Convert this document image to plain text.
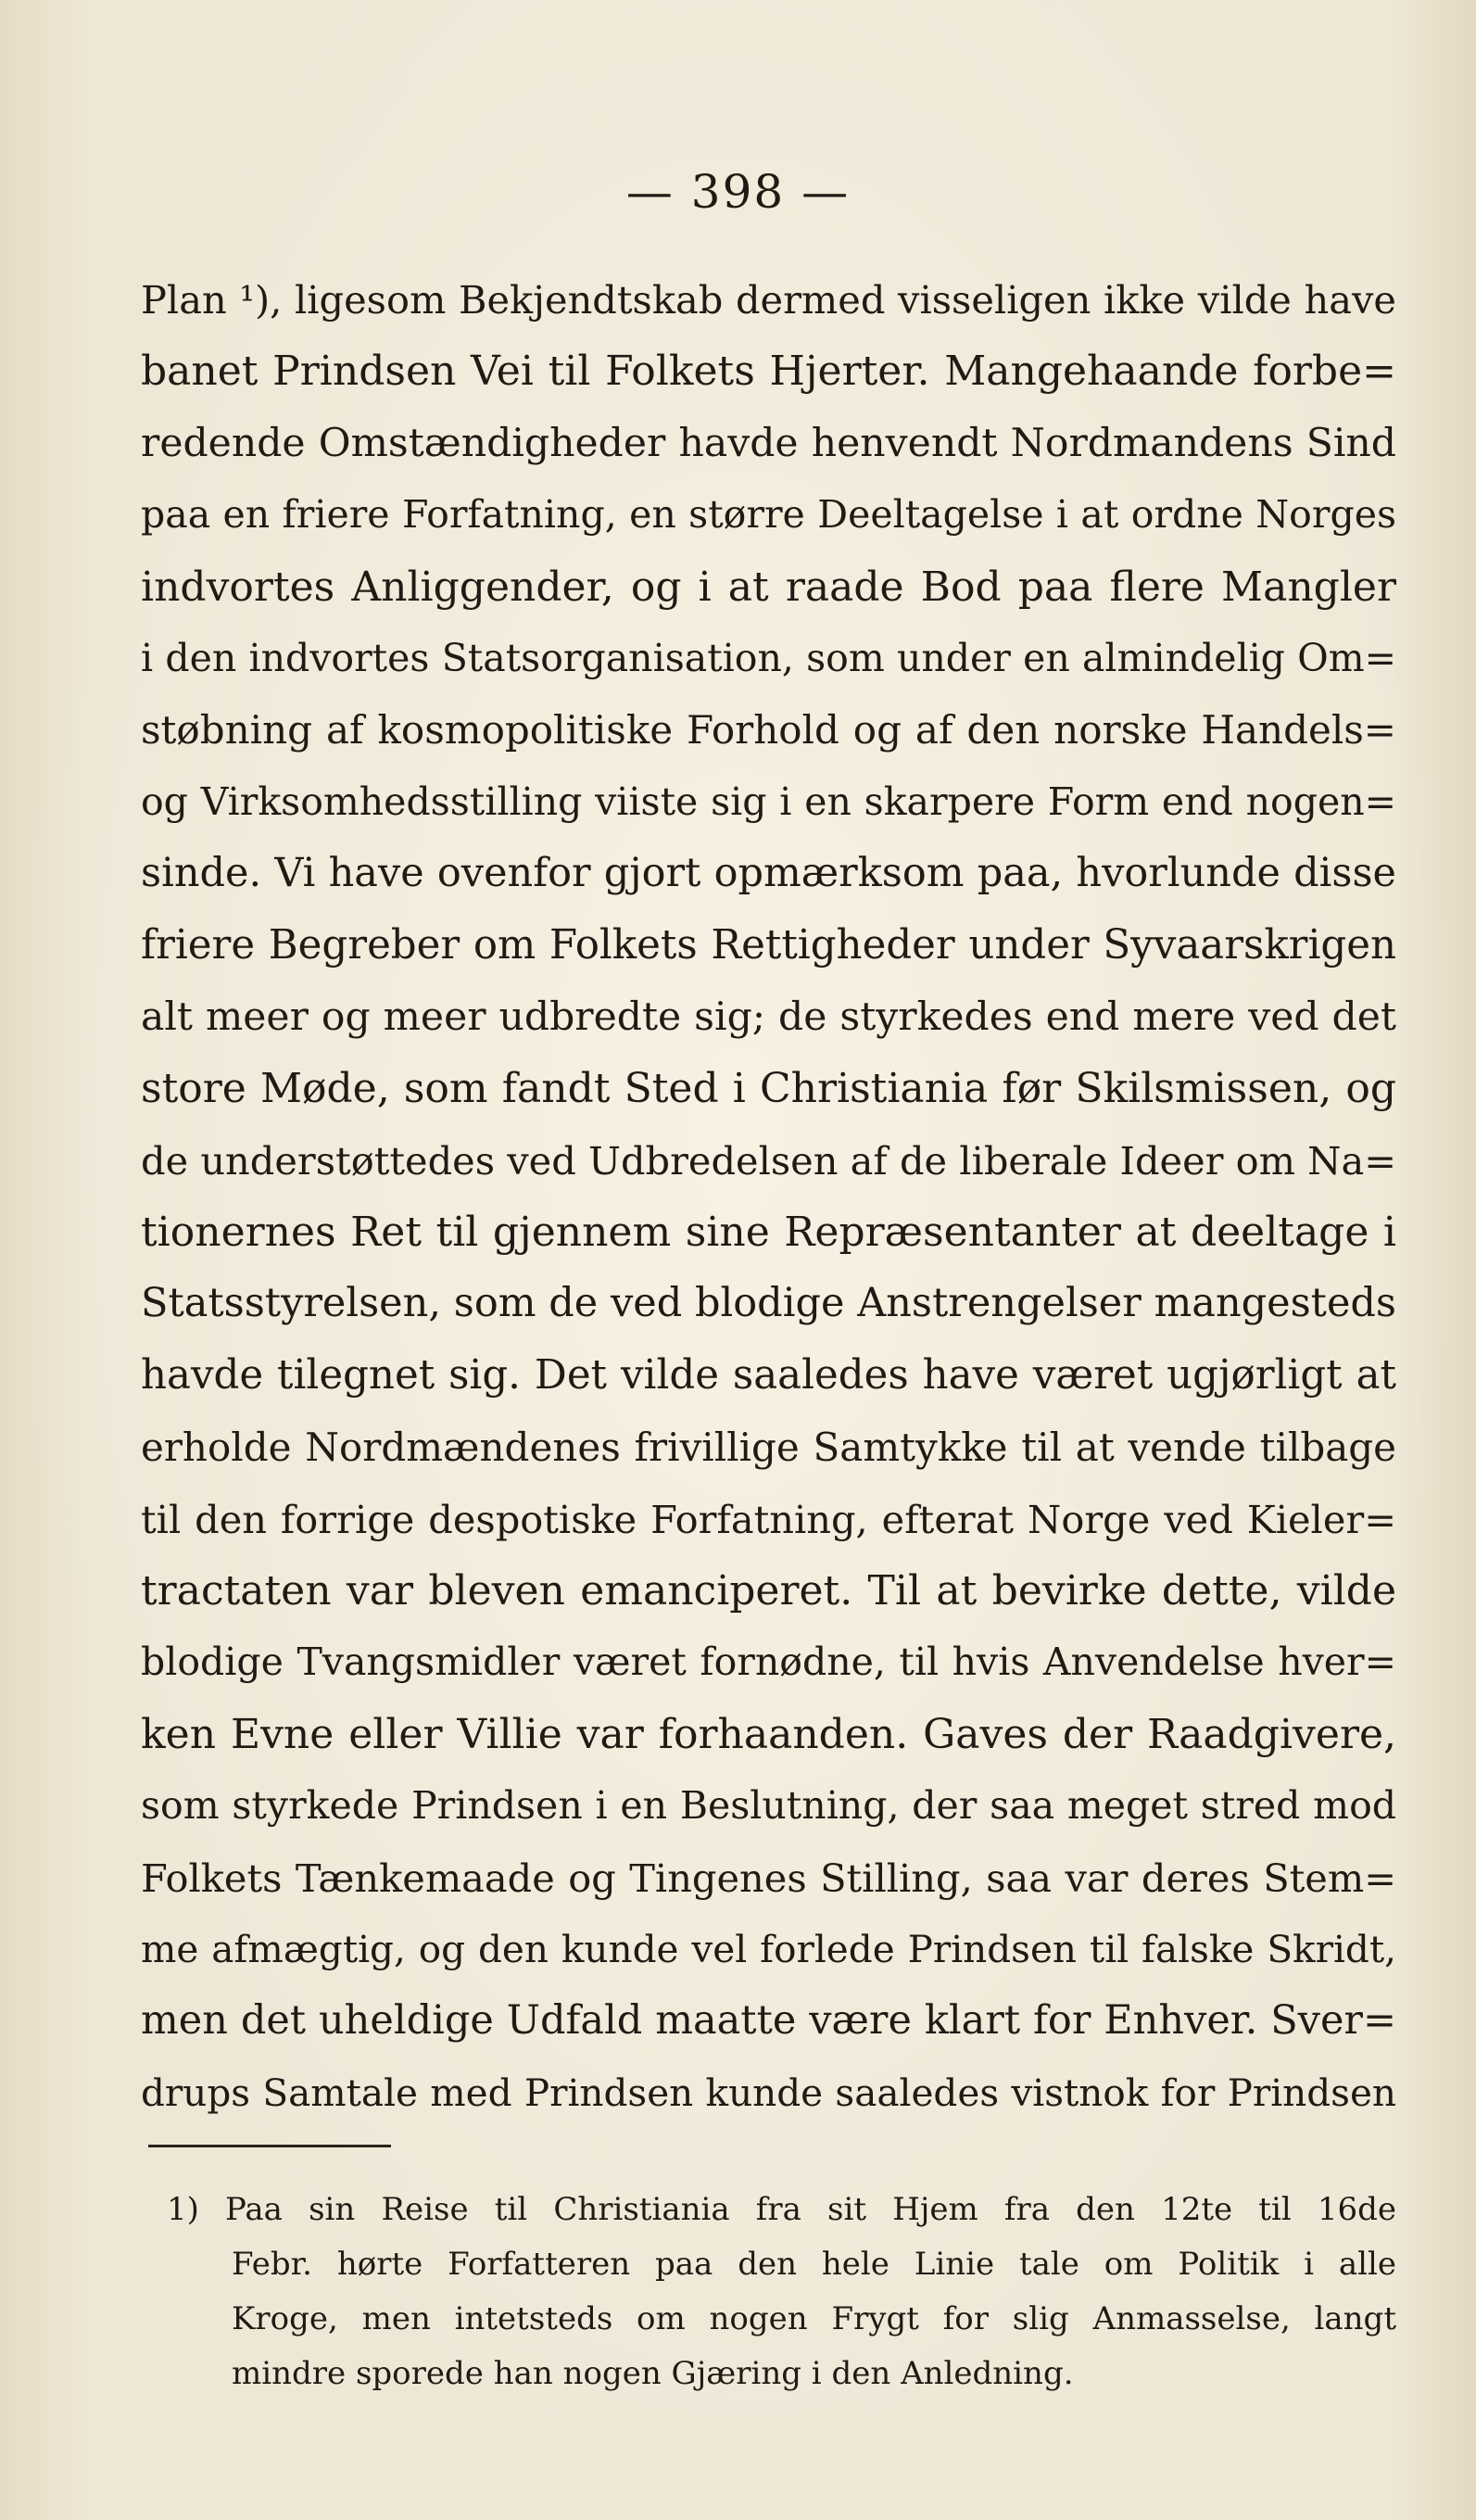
— 398 —
Plan ¹), ligesom Bekjendtskab dermed visseligen ikke vilde have
banet Prindsen Vei til Folkets Hjerter. Mangehaande forbe=
redende Omstændigheder havde henvendt Nordmandens Sind
paa en friere Forfatning, en større Deeltagelse i at ordne Norges
indvortes Anliggender, og i at raade Bod paa flere Mangler
i den indvortes Statsorganisation, som under en almindelig Om=
støbning af kosmopolitiske Forhold og af den norske Handels=
og Virksomhedsstilling viiste sig i en skarpere Form end nogen=
sinde. Vi have ovenfor gjort opmærksom paa, hvorlunde disse
friere Begreber om Folkets Rettigheder under Syvaarskrigen
alt meer og meer udbredte sig; de styrkedes end mere ved det
store Møde, som fandt Sted i Christiania før Skilsmissen, og
de understøttedes ved Udbredelsen af de liberale Ideer om Na=
tionernes Ret til gjennem sine Repræsentanter at deeltage i
Statsstyrelsen, som de ved blodige Anstrengelser mangesteds
havde tilegnet sig. Det vilde saaledes have været ugjørligt at
erholde Nordmændenes frivillige Samtykke til at vende tilbage
til den forrige despotiske Forfatning, efterat Norge ved Kieler=
tractaten var bleven emanciperet. Til at bevirke dette, vilde
blodige Tvangsmidler været fornødne, til hvis Anvendelse hver=
ken Evne eller Villie var forhaanden. Gaves der Raadgivere,
som styrkede Prindsen i en Beslutning, der saa meget stred mod
Folkets Tænkemaade og Tingenes Stilling, saa var deres Stem=
me afmægtig, og den kunde vel forlede Prindsen til falske Skridt,
men det uheldige Udfald maatte være klart for Enhver. Sver=
drups Samtale med Prindsen kunde saaledes vistnok for Prindsen
1) Paa sin Reise til Christiania fra sit Hjem fra den 12te til 16de
Febr. hørte Forfatteren paa den hele Linie tale om Politik i alle
Kroge, men intetsteds om nogen Frygt for slig Anmasselse, langt
mindre sporede han nogen Gjæring i den Anledning.
